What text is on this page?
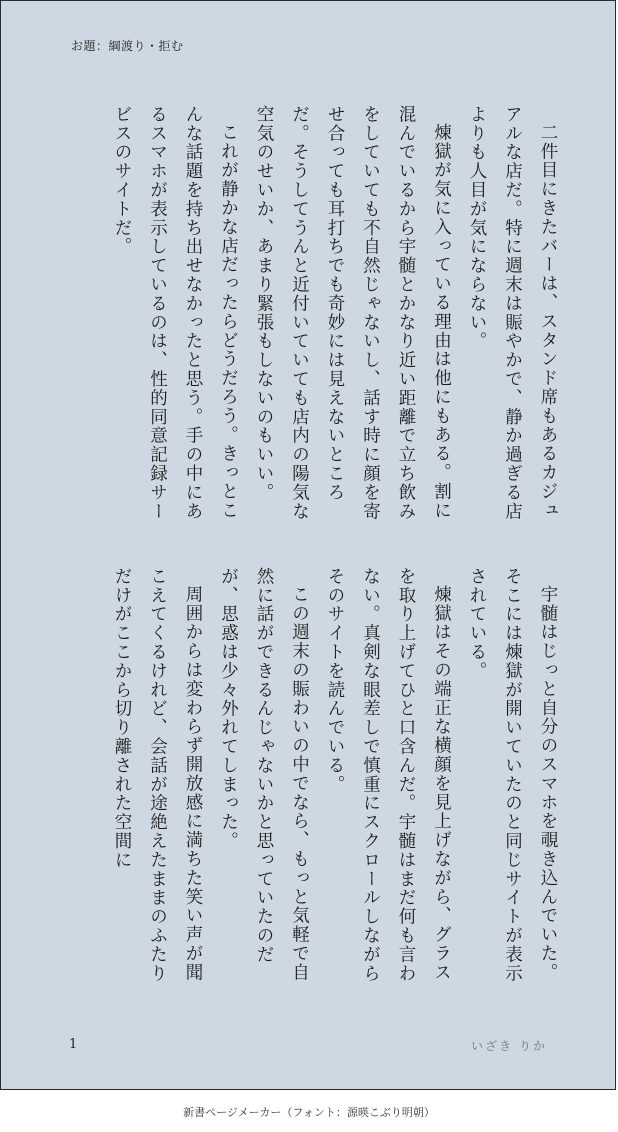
お題：綱渡り・拒む

二件目にきたバーは、スタンド席もあるカジュアルな店だ。特に週末は賑やかで、静か過ぎる店よりも人目が気にならない。

煉獄が気に入っている理由は他にもある。割に混んでいるから宇髄とかなり近い距離で立ち飲みをしていても不自然じゃないし、話す時に顔を寄せ合っても耳打ちでも奇妙には見えないところだ。そうしてうんと近付いていても店内の陽気な空気のせいか、あまり緊張もしないのもいい。

これが静かな店だったらどうだろう。きっとこんな話題を持ち出せなかったと思う。手の中にあるスマホが表示しているのは、性的同意記録サービスのサイトだ。

宇髄はじっと自分のスマホを覗き込んでいた。そこには煉獄が開いていたのと同じサイトが表示されている。

煉獄はその端正な横顔を見上げながら、グラスを取り上げてひと口含んだ。宇髄はまだ何も言わない。真剣な眼差しで慎重にスクロールしながらそのサイトを読んでいる。

この週末の賑わいの中でなら、もっと気軽で自然に話ができるんじゃないかと思っていたのだが、思惑は少々外れてしまった。

周囲からは変わらず開放感に満ちた笑い声が聞こえてくるけれど、会話が途絶えたままのふたりだけがここから切り離された空間に

1	いざき りか
新書ページメーカー（フォント：源暎こぶり明朝）
